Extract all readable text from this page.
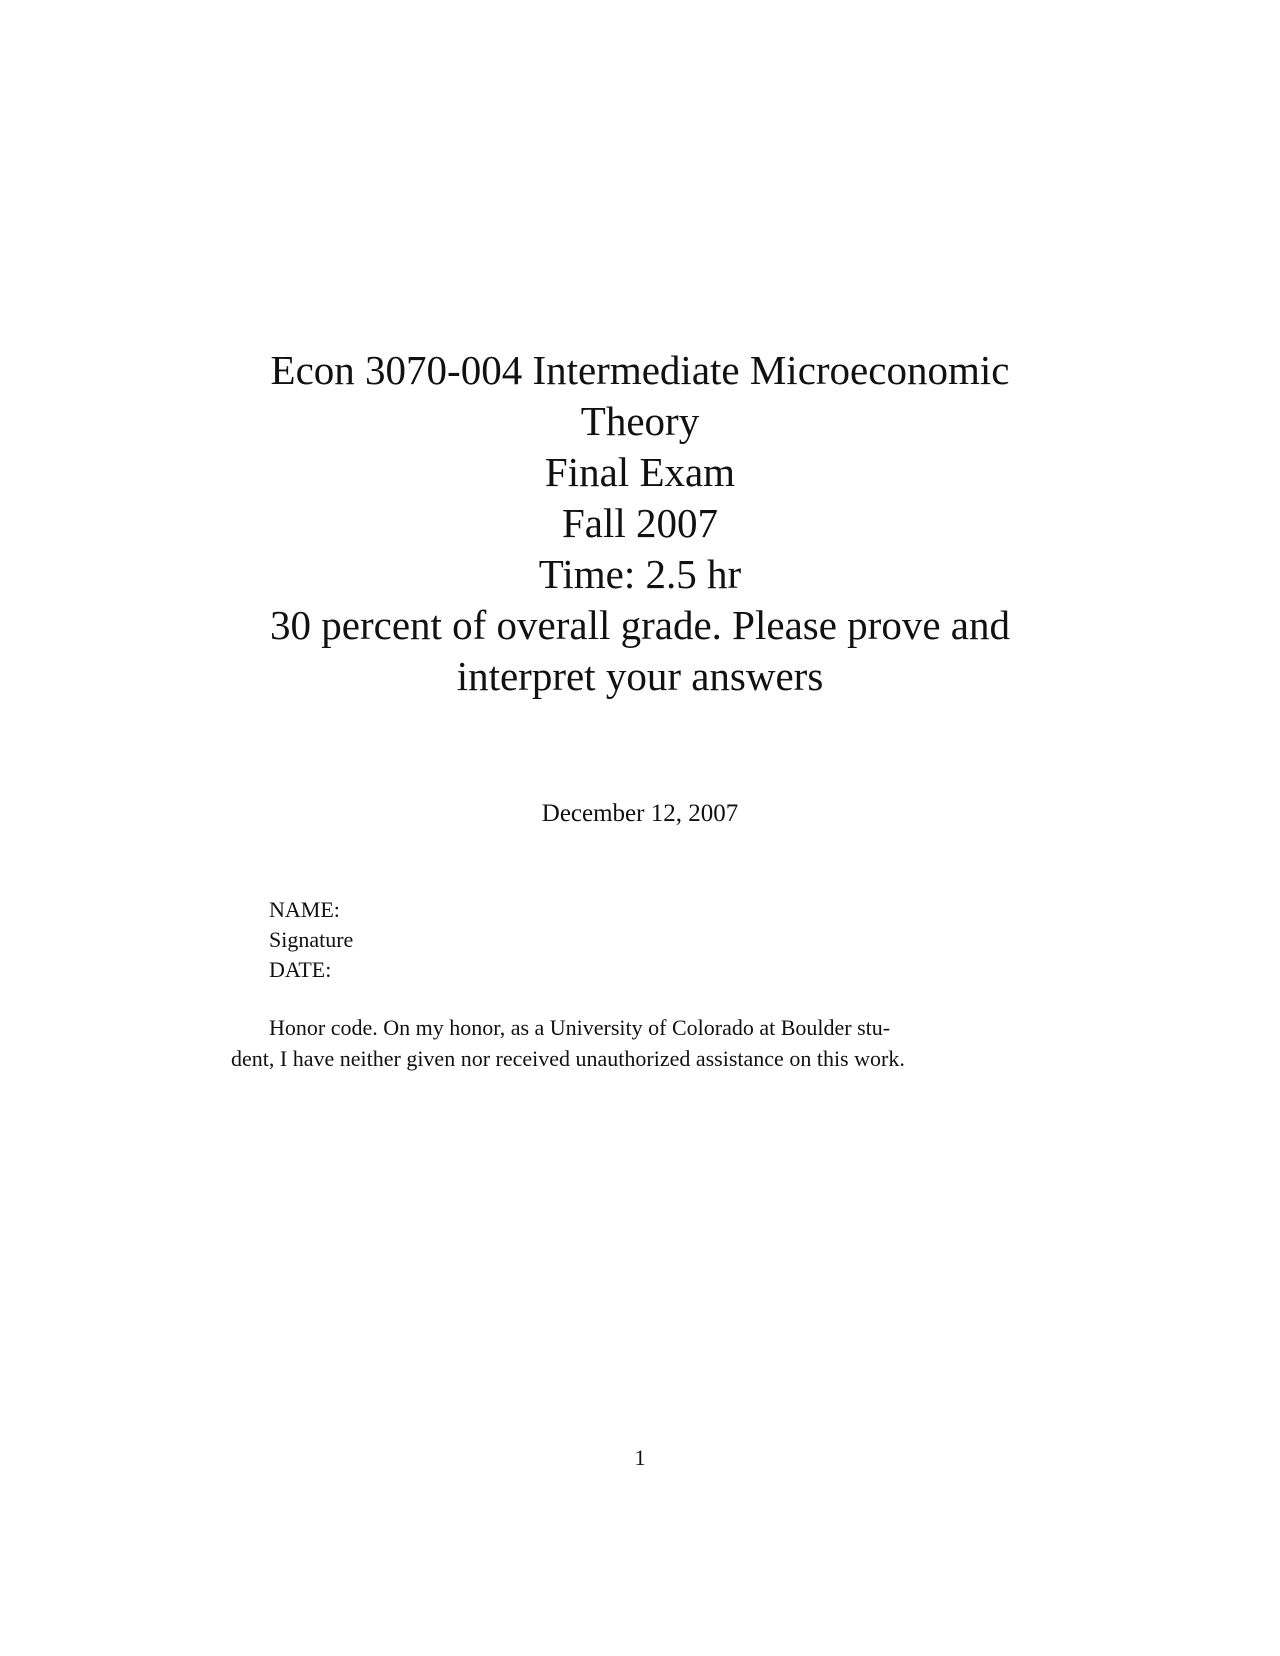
Econ 3070-004 Intermediate Microeconomic

Theory

Final Exam

Fall 2007

Time: 2.5 hr

30 percent of overall grade. Please prove and

interpret your answers

December 12, 2007

NAME:

Signature

DATE:

Honor code. On my honor, as a University of Colorado at Boulder stu-

dent, I have neither given nor received unauthorized assistance on this work.

1
